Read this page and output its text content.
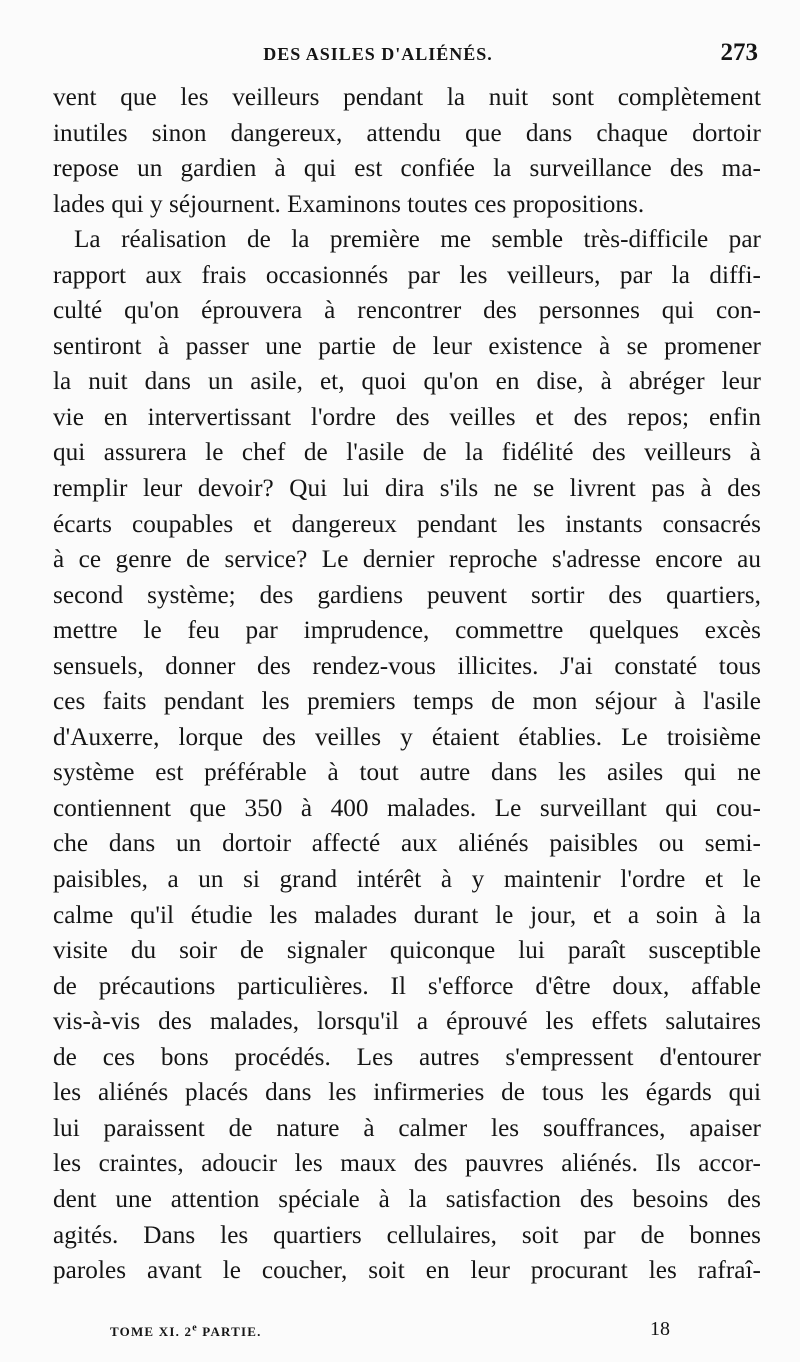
DES ASILES D'ALIÉNÉS.	273
vent que les veilleurs pendant la nuit sont complètement
inutiles sinon dangereux, attendu que dans chaque dortoir
repose un gardien à qui est confiée la surveillance des ma-
lades qui y séjournent. Examinons toutes ces propositions.
La réalisation de la première me semble très-difficile par
rapport aux frais occasionnés par les veilleurs, par la diffi-
culté qu'on éprouvera à rencontrer des personnes qui con-
sentiront à passer une partie de leur existence à se promener
la nuit dans un asile, et, quoi qu'on en dise, à abréger leur
vie en intervertissant l'ordre des veilles et des repos; enfin
qui assurera le chef de l'asile de la fidélité des veilleurs à
remplir leur devoir? Qui lui dira s'ils ne se livrent pas à des
écarts coupables et dangereux pendant les instants consacrés
à ce genre de service? Le dernier reproche s'adresse encore au
second système; des gardiens peuvent sortir des quartiers,
mettre le feu par imprudence, commettre quelques excès
sensuels, donner des rendez-vous illicites. J'ai constaté tous
ces faits pendant les premiers temps de mon séjour à l'asile
d'Auxerre, lorque des veilles y étaient établies. Le troisième
système est préférable à tout autre dans les asiles qui ne
contiennent que 350 à 400 malades. Le surveillant qui cou-
che dans un dortoir affecté aux aliénés paisibles ou semi-
paisibles, a un si grand intérêt à y maintenir l'ordre et le
calme qu'il étudie les malades durant le jour, et a soin à la
visite du soir de signaler quiconque lui paraît susceptible
de précautions particulières. Il s'efforce d'être doux, affable
vis-à-vis des malades, lorsqu'il a éprouvé les effets salutaires
de ces bons procédés. Les autres s'empressent d'entourer
les aliénés placés dans les infirmeries de tous les égards qui
lui paraissent de nature à calmer les souffrances, apaiser
les craintes, adoucir les maux des pauvres aliénés. Ils accor-
dent une attention spéciale à la satisfaction des besoins des
agités. Dans les quartiers cellulaires, soit par de bonnes
paroles avant le coucher, soit en leur procurant les rafraî-
TOME XI. 2e PARTIE.	18
